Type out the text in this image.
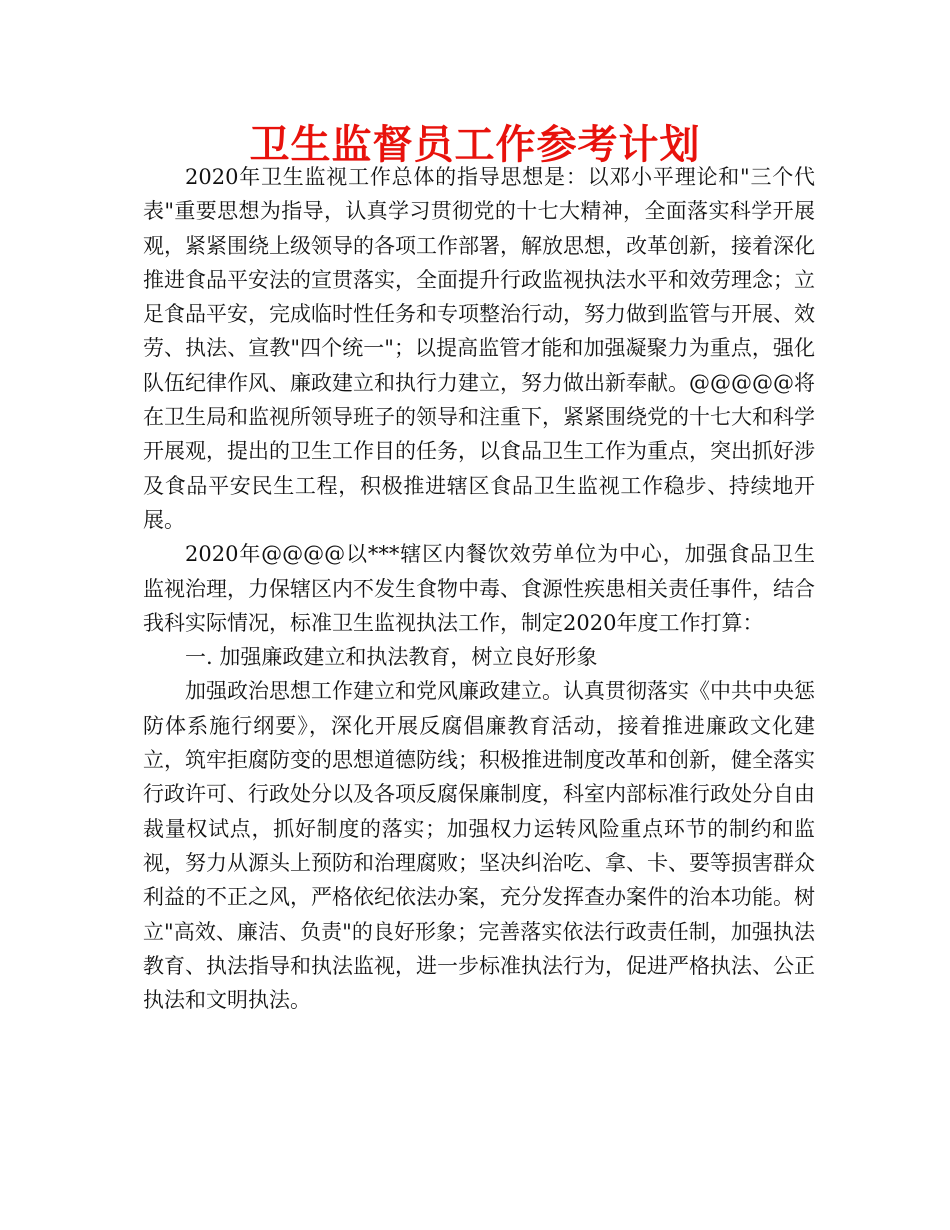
卫生监督员工作参考计划

2020年卫生监视工作总体的指导思想是：以邓小平理论和"三个代表"重要思想为指导，认真学习贯彻党的十七大精神，全面落实科学开展观，紧紧围绕上级领导的各项工作部署，解放思想，改革创新，接着深化推进食品平安法的宣贯落实，全面提升行政监视执法水平和效劳理念；立足食品平安，完成临时性任务和专项整治行动，努力做到监管与开展、效劳、执法、宣教"四个统一"；以提高监管才能和加强凝聚力为重点，强化队伍纪律作风、廉政建立和执行力建立，努力做出新奉献。@@@@@将在卫生局和监视所领导班子的领导和注重下，紧紧围绕党的十七大和科学开展观，提出的卫生工作目的任务，以食品卫生工作为重点，突出抓好涉及食品平安民生工程，积极推进辖区食品卫生监视工作稳步、持续地开展。

2020年@@@@以***辖区内餐饮效劳单位为中心，加强食品卫生监视治理，力保辖区内不发生食物中毒、食源性疾患相关责任事件，结合我科实际情况，标准卫生监视执法工作，制定2020年度工作打算：

一. 加强廉政建立和执法教育，树立良好形象

加强政治思想工作建立和党风廉政建立。认真贯彻落实《中共中央惩防体系施行纲要》，深化开展反腐倡廉教育活动，接着推进廉政文化建立，筑牢拒腐防变的思想道德防线；积极推进制度改革和创新，健全落实行政许可、行政处分以及各项反腐保廉制度，科室内部标准行政处分自由裁量权试点，抓好制度的落实；加强权力运转风险重点环节的制约和监视，努力从源头上预防和治理腐败；坚决纠治吃、拿、卡、要等损害群众利益的不正之风，严格依纪依法办案，充分发挥查办案件的治本功能。树立"高效、廉洁、负责"的良好形象；完善落实依法行政责任制，加强执法教育、执法指导和执法监视，进一步标准执法行为，促进严格执法、公正执法和文明执法。
